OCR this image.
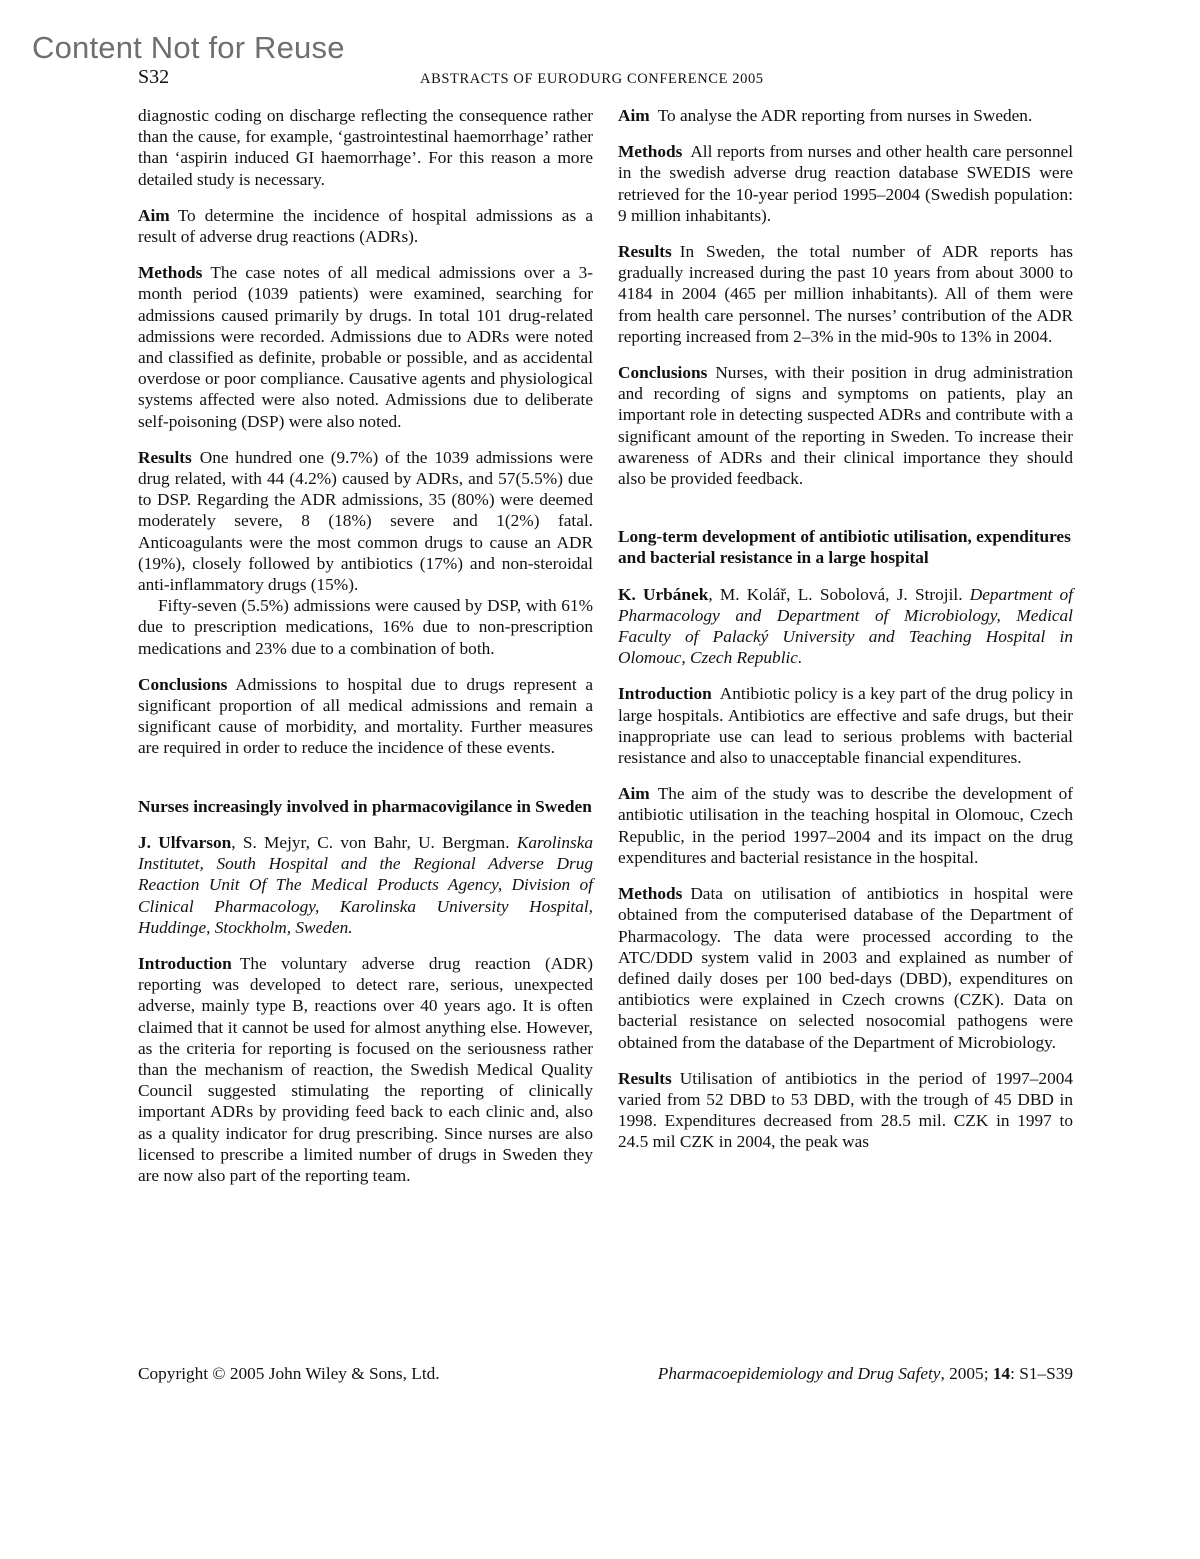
Content Not for Reuse
S32	ABSTRACTS OF EURODURG CONFERENCE 2005

diagnostic coding on discharge reflecting the consequence rather than the cause, for example, ‘gastrointestinal haemorrhage’ rather than ‘aspirin induced GI haemorrhage’. For this reason a more detailed study is necessary.

Aim To determine the incidence of hospital admissions as a result of adverse drug reactions (ADRs).

Methods The case notes of all medical admissions over a 3-month period (1039 patients) were examined, searching for admissions caused primarily by drugs. In total 101 drug-related admissions were recorded. Admissions due to ADRs were noted and classified as definite, probable or possible, and as accidental overdose or poor compliance. Causative agents and physiological systems affected were also noted. Admissions due to deliberate self-poisoning (DSP) were also noted.

Results One hundred one (9.7%) of the 1039 admissions were drug related, with 44 (4.2%) caused by ADRs, and 57(5.5%) due to DSP. Regarding the ADR admissions, 35 (80%) were deemed moderately severe, 8 (18%) severe and 1(2%) fatal. Anticoagulants were the most common drugs to cause an ADR (19%), closely followed by antibiotics (17%) and non-steroidal anti-inflammatory drugs (15%).

Fifty-seven (5.5%) admissions were caused by DSP, with 61% due to prescription medications, 16% due to non-prescription medications and 23% due to a combination of both.

Conclusions Admissions to hospital due to drugs represent a significant proportion of all medical admissions and remain a significant cause of morbidity, and mortality. Further measures are required in order to reduce the incidence of these events.

Nurses increasingly involved in pharmacovigilance in Sweden

J. Ulfvarson, S. Mejyr, C. von Bahr, U. Bergman. Karolinska Institutet, South Hospital and the Regional Adverse Drug Reaction Unit Of The Medical Products Agency, Division of Clinical Pharmacology, Karolinska University Hospital, Huddinge, Stockholm, Sweden.

Introduction The voluntary adverse drug reaction (ADR) reporting was developed to detect rare, serious, unexpected adverse, mainly type B, reactions over 40 years ago. It is often claimed that it cannot be used for almost anything else. However, as the criteria for reporting is focused on the seriousness rather than the mechanism of reaction, the Swedish Medical Quality Council suggested stimulating the reporting of clinically important ADRs by providing feed back to each clinic and, also as a quality indicator for drug prescribing. Since nurses are also licensed to prescribe a limited number of drugs in Sweden they are now also part of the reporting team.

Aim To analyse the ADR reporting from nurses in Sweden.

Methods All reports from nurses and other health care personnel in the swedish adverse drug reaction database SWEDIS were retrieved for the 10-year period 1995–2004 (Swedish population: 9 million inhabitants).

Results In Sweden, the total number of ADR reports has gradually increased during the past 10 years from about 3000 to 4184 in 2004 (465 per million inhabitants). All of them were from health care personnel. The nurses’ contribution of the ADR reporting increased from 2–3% in the mid-90s to 13% in 2004.

Conclusions Nurses, with their position in drug administration and recording of signs and symptoms on patients, play an important role in detecting suspected ADRs and contribute with a significant amount of the reporting in Sweden. To increase their awareness of ADRs and their clinical importance they should also be provided feedback.

Long-term development of antibiotic utilisation, expenditures and bacterial resistance in a large hospital

K. Urbánek, M. Kolář, L. Sobolová, J. Strojil. Department of Pharmacology and Department of Microbiology, Medical Faculty of Palacký University and Teaching Hospital in Olomouc, Czech Republic.

Introduction Antibiotic policy is a key part of the drug policy in large hospitals. Antibiotics are effective and safe drugs, but their inappropriate use can lead to serious problems with bacterial resistance and also to unacceptable financial expenditures.

Aim The aim of the study was to describe the development of antibiotic utilisation in the teaching hospital in Olomouc, Czech Republic, in the period 1997–2004 and its impact on the drug expenditures and bacterial resistance in the hospital.

Methods Data on utilisation of antibiotics in hospital were obtained from the computerised database of the Department of Pharmacology. The data were processed according to the ATC/DDD system valid in 2003 and explained as number of defined daily doses per 100 bed-days (DBD), expenditures on antibiotics were explained in Czech crowns (CZK). Data on bacterial resistance on selected nosocomial pathogens were obtained from the database of the Department of Microbiology.

Results Utilisation of antibiotics in the period of 1997–2004 varied from 52 DBD to 53 DBD, with the trough of 45 DBD in 1998. Expenditures decreased from 28.5 mil. CZK in 1997 to 24.5 mil CZK in 2004, the peak was

Copyright © 2005 John Wiley & Sons, Ltd.	Pharmacoepidemiology and Drug Safety, 2005; 14: S1–S39
